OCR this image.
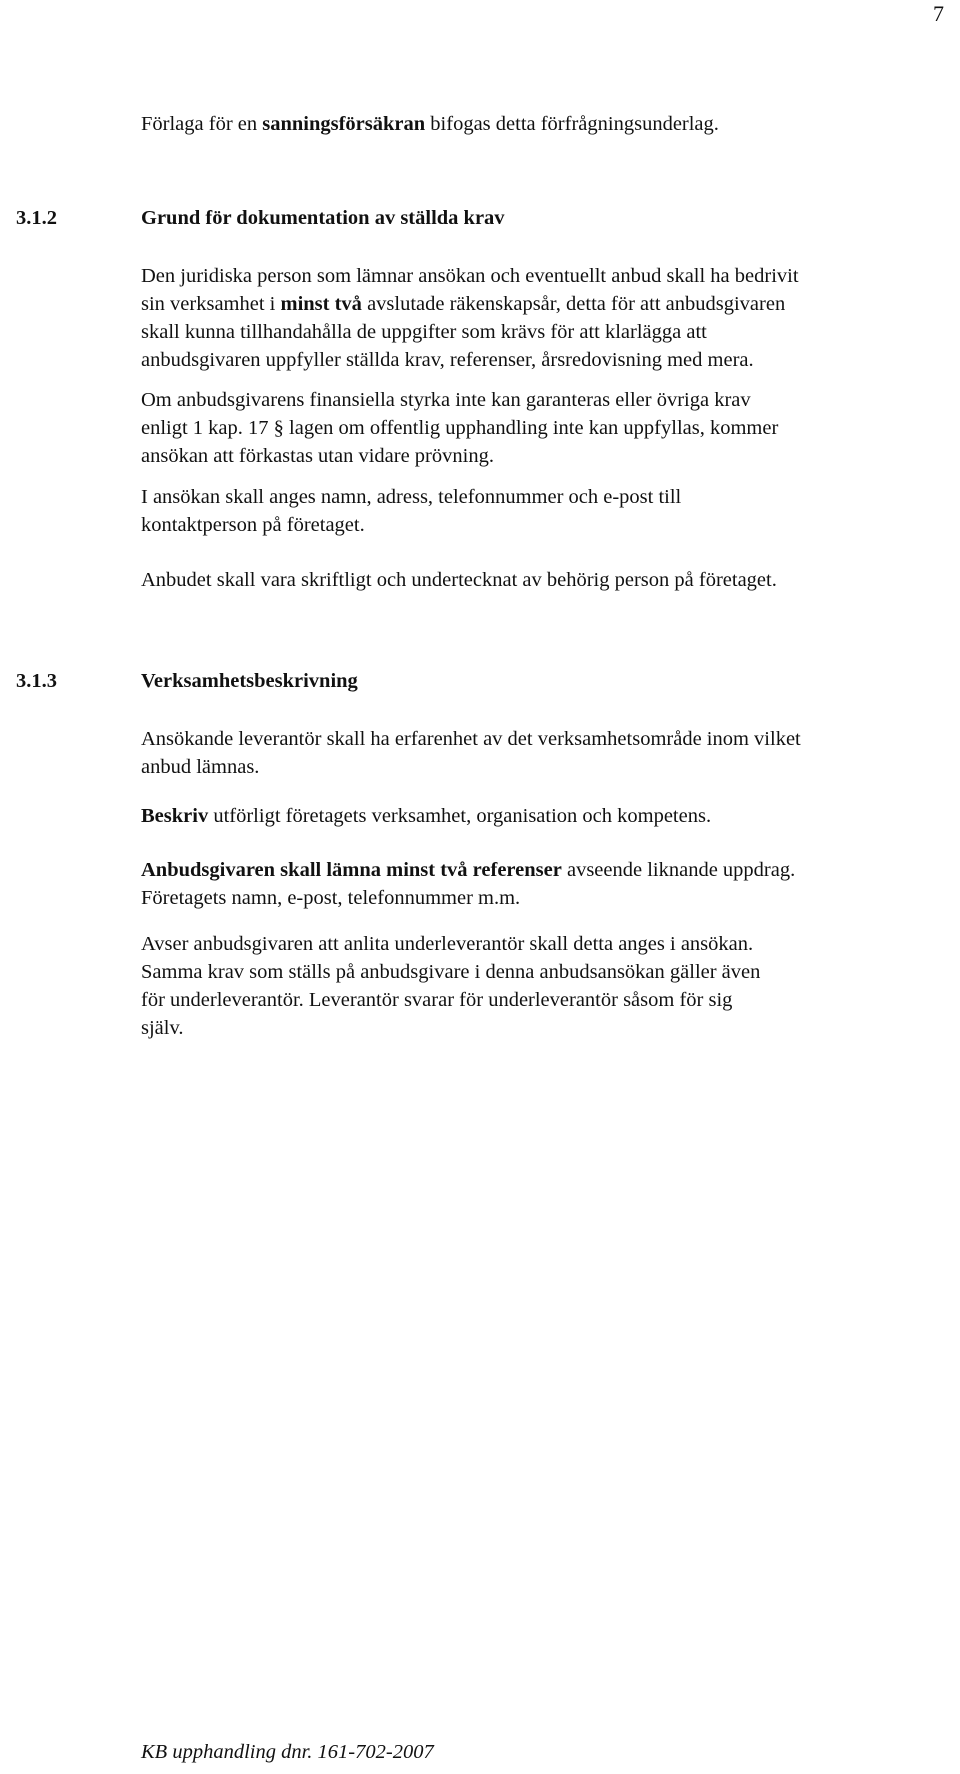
7

Förlaga för en sanningsförsäkran bifogas detta förfrågningsunderlag.

3.1.2	Grund för dokumentation av ställda krav

Den juridiska person som lämnar ansökan och eventuellt anbud skall ha bedrivit
sin verksamhet i minst två avslutade räkenskapsår, detta för att anbudsgivaren
skall kunna tillhandahålla de uppgifter som krävs för att klarlägga att
anbudsgivaren uppfyller ställda krav, referenser, årsredovisning med mera.

Om anbudsgivarens finansiella styrka inte kan garanteras eller övriga krav
enligt 1 kap. 17 § lagen om offentlig upphandling inte kan uppfyllas, kommer
ansökan att förkastas utan vidare prövning.

I ansökan skall anges namn, adress, telefonnummer och e-post till
kontaktperson på företaget.

Anbudet skall vara skriftligt och undertecknat av behörig person på företaget.

3.1.3	Verksamhetsbeskrivning

Ansökande leverantör skall ha erfarenhet av det verksamhetsområde inom vilket
anbud lämnas.

Beskriv utförligt företagets verksamhet, organisation och kompetens.

Anbudsgivaren skall lämna minst två referenser avseende liknande uppdrag.
Företagets namn, e-post, telefonnummer m.m.

Avser anbudsgivaren att anlita underleverantör skall detta anges i ansökan.
Samma krav som ställs på anbudsgivare i denna anbudsansökan gäller även
för underleverantör. Leverantör svarar för underleverantör såsom för sig
själv.

KB upphandling dnr. 161-702-2007
